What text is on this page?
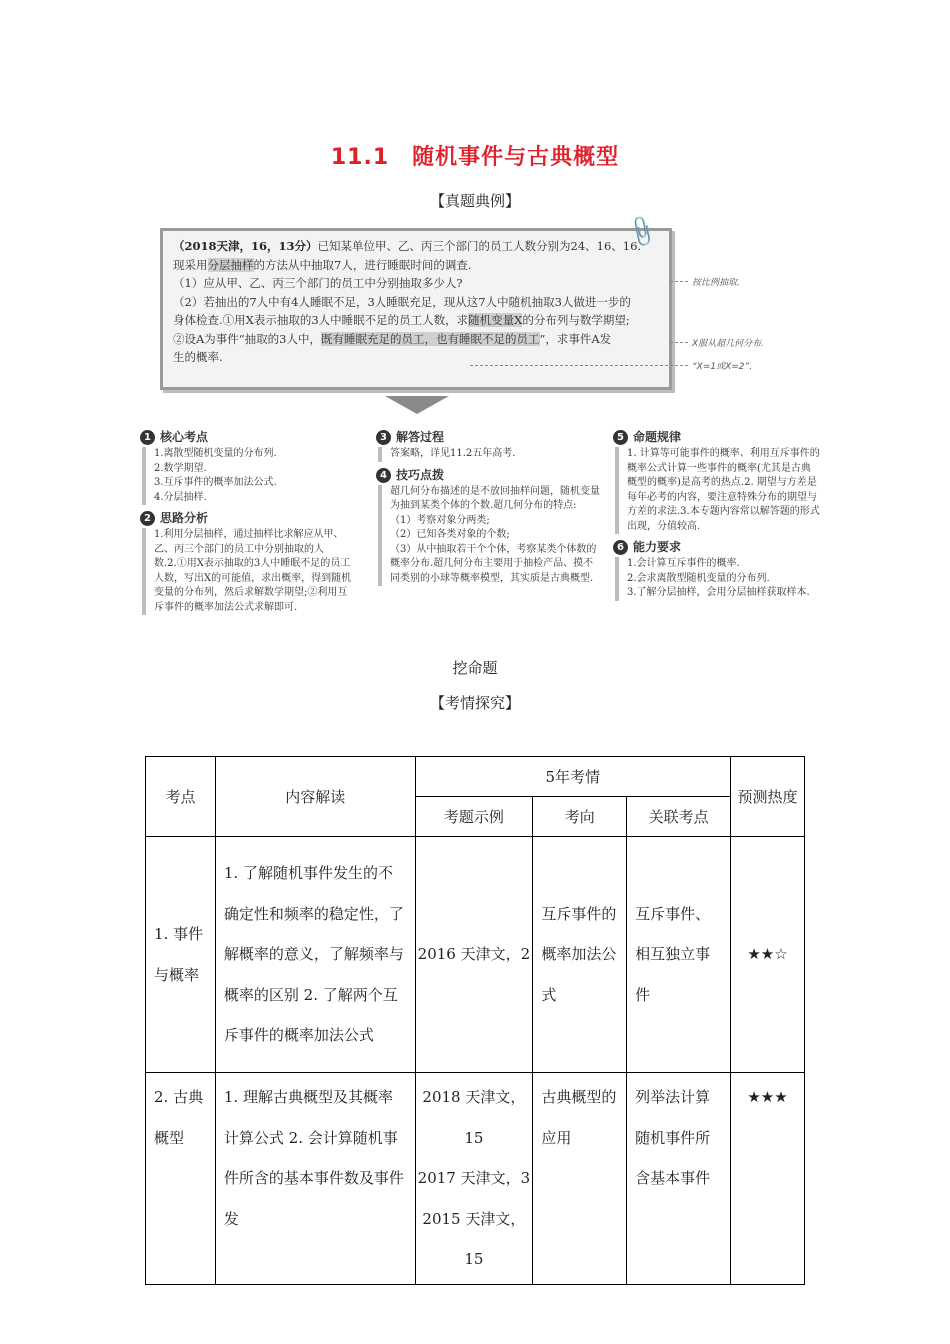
11.1　随机事件与古典概型
【真题典例】
（2018天津，16，13分）已知某单位甲、乙、丙三个部门的员工人数分别为24、16、16.
现采用分层抽样的方法从中抽取7人，进行睡眠时间的调查.
（1）应从甲、乙、丙三个部门的员工中分别抽取多少人?
（2）若抽出的7人中有4人睡眠不足，3人睡眠充足，现从这7人中随机抽取3人做进一步的
身体检查.①用X表示抽取的3人中睡眠不足的员工人数，求随机变量X的分布列与数学期望;
②设A为事件“抽取的3人中，既有睡眠充足的员工，也有睡眠不足的员工”，求事件A发
生的概率.
📎
按比例抽取.
X服从超几何分布.
“X=1或X=2”.
1 核心考点

1.离散型随机变量的分布列.

2.数学期望.

3.互斥事件的概率加法公式.

4.分层抽样.

2 思路分析

1.利用分层抽样，通过抽样比求解应从甲、乙、丙三个部门的员工中分别抽取的人数.2.①用X表示抽取的3人中睡眠不足的员工人数，写出X的可能值，求出概率，得到随机变量的分布列，然后求解数学期望;②利用互斥事件的概率加法公式求解即可.

3 解答过程

答案略，详见11.2五年高考.

4 技巧点拨

超几何分布描述的是不放回抽样问题，随机变量为抽到某类个体的个数.超几何分布的特点:

（1）考察对象分两类;

（2）已知各类对象的个数;

（3）从中抽取若干个个体，考察某类个体数的概率分布.超几何分布主要用于抽检产品、摸不同类别的小球等概率模型，其实质是古典概型.

5 命题规律

1. 计算等可能事件的概率、利用互斥事件的概率公式计算一些事件的概率(尤其是古典概型的概率)是高考的热点.2. 期望与方差是每年必考的内容，要注意特殊分布的期望与方差的求法.3.本专题内容常以解答题的形式出现，分值较高.

6 能力要求

1.会计算互斥事件的概率.

2.会求离散型随机变量的分布列.

3.了解分层抽样，会用分层抽样获取样本.

挖命题
【考情探究】
考点	内容解读	5年考情			预测热度
		考题示例	考向	关联考点	
1. 事件与概率	1. 了解随机事件发生的不确定性和频率的稳定性，了解概率的意义，了解频率与概率的区别 2. 了解两个互斥事件的概率加法公式	2016 天津文，2	互斥事件的概率加法公式	互斥事件、相互独立事件	★★☆
2. 古典概型	1. 理解古典概型及其概率计算公式 2. 会计算随机事件所含的基本事件数及事件发	2018 天津文，15
2017 天津文，3
2015 天津文，15	古典概型的应用	列举法计算随机事件所含基本事件	★★★
